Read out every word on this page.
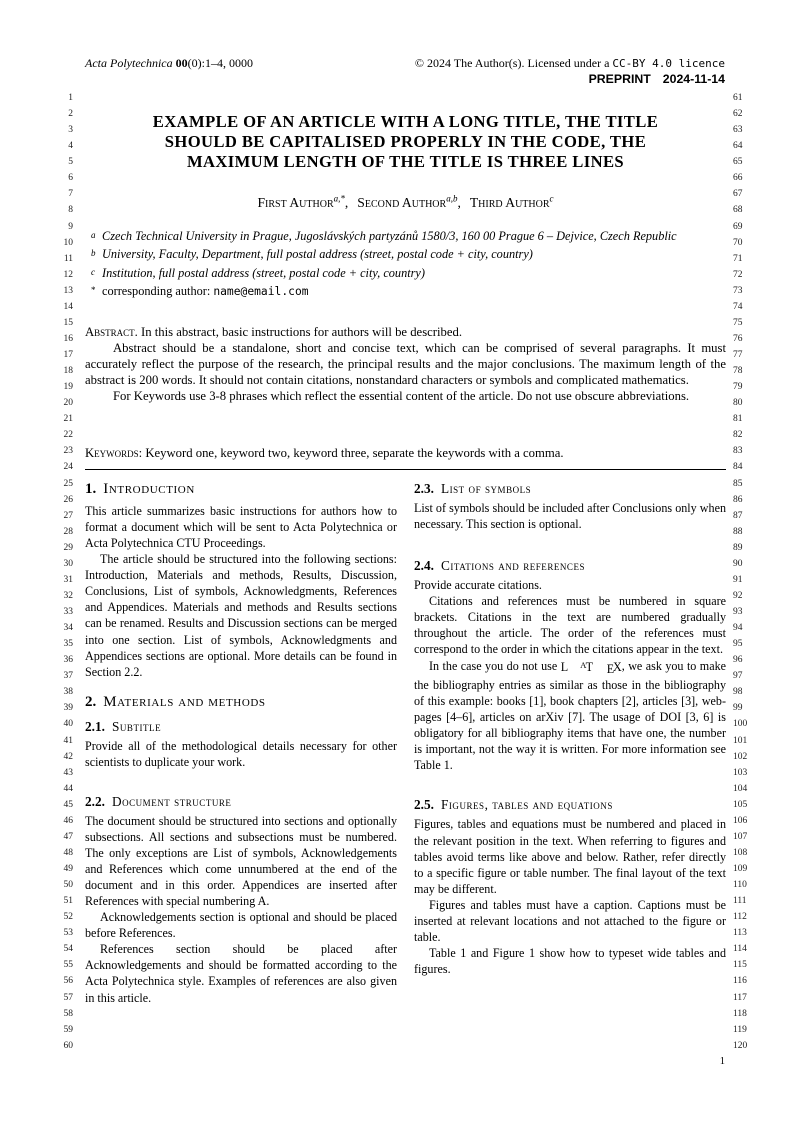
1
2
3
4
5
6
7
8
9
10
11
12
13
14
15
16
17
18
19
20
21
22
23
24
25
26
27
28
29
30
31
32
33
34
35
36
37
38
39
40
41
42
43
44
45
46
47
48
49
50
51
52
53
54
55
56
57
58
59
60
61
62
63
64
65
66
67
68
69
70
71
72
73
74
75
76
77
78
79
80
81
82
83
84
85
86
87
88
89
90
91
92
93
94
95
96
97
98
99
100
101
102
103
104
105
106
107
108
109
110
111
112
113
114
115
116
117
118
119
120
Acta Polytechnica 00(0):1–4, 0000	© 2024 The Author(s). Licensed under a CC-BY 4.0 licence
PREPRINT 2024-11-14
EXAMPLE OF AN ARTICLE WITH A LONG TITLE, THE TITLE
SHOULD BE CAPITALISED PROPERLY IN THE CODE, THE
MAXIMUM LENGTH OF THE TITLE IS THREE LINES
First Author$^{a,*}$, Second Author$^{a,b}$, Third Author$^c$
a Czech Technical University in Prague, Jugoslávských partyzánů 1580/3, 160 00 Prague 6 – Dejvice, Czech Republic
b University, Faculty, Department, full postal address (street, postal code + city, country)
c Institution, full postal address (street, postal code + city, country)
* corresponding author: name@email.com

Abstract. In this abstract, basic instructions for authors will be described.

Abstract should be a standalone, short and concise text, which can be comprised of several paragraphs. It must accurately reflect the purpose of the research, the principal results and the major conclusions. The maximum length of the abstract is 200 words. It should not contain citations, nonstandard characters or symbols and complicated mathematics.

For Keywords use 3-8 phrases which reflect the essential content of the article. Do not use obscure abbreviations.

Keywords: Keyword one, keyword two, keyword three, separate the keywords with a comma.
1. Introduction

This article summarizes basic instructions for authors how to format a document which will be sent to Acta Polytechnica or Acta Polytechnica CTU Proceedings.

The article should be structured into the following sections: Introduction, Materials and methods, Results, Discussion, Conclusions, List of symbols, Acknowledgments, References and Appendices. Materials and methods and Results sections can be renamed. Results and Discussion sections can be merged into one section. List of symbols, Acknowledgments and Appendices sections are optional. More details can be found in Section 2.2.

2. Materials and methods
2.1. Subtitle

Provide all of the methodological details necessary for other scientists to duplicate your work.

2.2. Document structure

The document should be structured into sections and optionally subsections. All sections and subsections must be numbered. The only exceptions are List of symbols, Acknowledgements and References which come unnumbered at the end of the document and in this order. Appendices are inserted after References with special numbering A.

Acknowledgements section is optional and should be placed before References.

References section should be placed after Acknowledgements and should be formatted according to the Acta Polytechnica style. Examples of references are also given in this article.

2.3. List of symbols

List of symbols should be included after Conclusions only when necessary. This section is optional.

2.4. Citations and references

Provide accurate citations.

Citations and references must be numbered in square brackets. Citations in the text are numbered gradually throughout the article. The order of the references must correspond to the order in which the citations appear in the text.

In the case you do not use L AT EX, we ask you to make the bibliography entries as similar as those in the bibliography of this example: books [1], book chapters [2], articles [3], web-pages [4–6], articles on arXiv [7]. The usage of DOI [3, 6] is obligatory for all bibliography items that have one, the number is important, not the way it is written. For more information see Table 1.

2.5. Figures, tables and equations

Figures, tables and equations must be numbered and placed in the relevant position in the text. When referring to figures and tables avoid terms like above and below. Rather, refer directly to a specific figure or table number. The final layout of the text may be different.

Figures and tables must have a caption. Captions must be inserted at relevant locations and not attached to the figure or table.

Table 1 and Figure 1 show how to typeset wide tables and figures.

1
